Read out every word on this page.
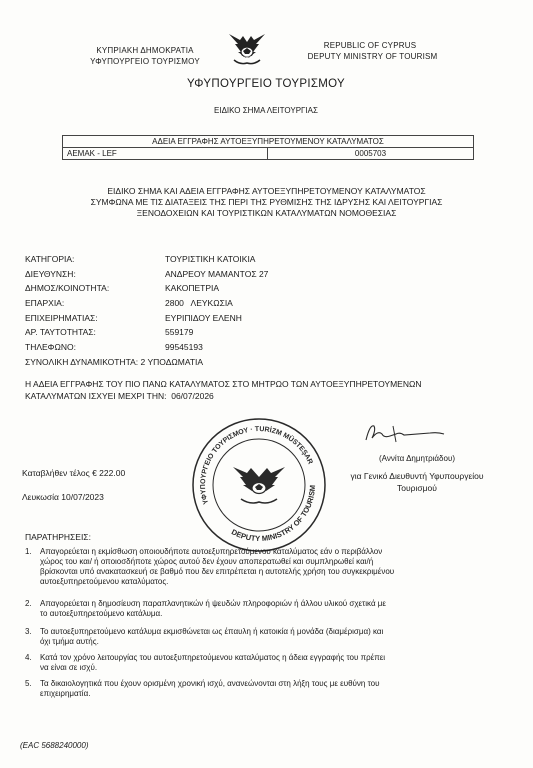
ΚΥΠΡΙΑΚΗ ΔΗΜΟΚΡΑΤΙΑ
ΥΦΥΠΟΥΡΓΕΙΟ ΤΟΥΡΙΣΜΟΥ
REPUBLIC OF CYPRUS
DEPUTY MINISTRY OF TOURISM
1960
ΥΦΥΠΟΥΡΓΕΙΟ ΤΟΥΡΙΣΜΟΥ
ΕΙΔΙΚΟ ΣΗΜΑ ΛΕΙΤΟΥΡΓΙΑΣ
ΑΔΕΙΑ ΕΓΓΡΑΦΗΣ ΑΥΤΟΕΞΥΠΗΡΕΤΟΥΜΕΝΟΥ ΚΑΤΑΛΥΜΑΤΟΣ
ΑΕΜΑΚ - LEF	0005703
ΕΙΔΙΚΟ ΣΗΜΑ ΚΑΙ ΑΔΕΙΑ ΕΓΓΡΑΦΗΣ ΑΥΤΟΕΞΥΠΗΡΕΤΟΥΜΕΝΟΥ ΚΑΤΑΛΥΜΑΤΟΣ
ΣΥΜΦΩΝΑ ΜΕ ΤΙΣ ΔΙΑΤΑΞΕΙΣ ΤΗΣ ΠΕΡΙ ΤΗΣ ΡΥΘΜΙΣΗΣ ΤΗΣ ΙΔΡΥΣΗΣ ΚΑΙ ΛΕΙΤΟΥΡΓΙΑΣ
ΞΕΝΟΔΟΧΕΙΩΝ ΚΑΙ ΤΟΥΡΙΣΤΙΚΩΝ ΚΑΤΑΛΥΜΑΤΩΝ ΝΟΜΟΘΕΣΙΑΣ
ΚΑΤΗΓΟΡΙΑ:	ΤΟΥΡΙΣΤΙΚΗ ΚΑΤΟΙΚΙΑ
ΔΙΕΥΘΥΝΣΗ:	ΑΝΔΡΕΟΥ ΜΑΜΑΝΤΟΣ 27
ΔΗΜΟΣ/ΚΟΙΝΟΤΗΤΑ:	ΚΑΚΟΠΕΤΡΙΑ
ΕΠΑΡΧΙΑ:	2800   ΛΕΥΚΩΣΙΑ
ΕΠΙΧΕΙΡΗΜΑΤΙΑΣ:	ΕΥΡΙΠΙΔΟΥ ΕΛΕΝΗ
ΑΡ. ΤΑΥΤΟΤΗΤΑΣ:	559179
ΤΗΛΕΦΩΝΟ:	99545193
ΣΥΝΟΛΙΚΗ ΔΥΝΑΜΙΚΟΤΗΤΑ: 2 ΥΠΟΔΩΜΑΤΙΑ
Η ΑΔΕΙΑ ΕΓΓΡΑΦΗΣ ΤΟΥ ΠΙΟ ΠΑΝΩ ΚΑΤΑΛΥΜΑΤΟΣ ΣΤΟ ΜΗΤΡΩΟ ΤΩΝ ΑΥΤΟΕΞΥΠΗΡΕΤΟΥΜΕΝΩΝ
ΚΑΤΑΛΥΜΑΤΩΝ ΙΣΧΥΕΙ ΜΕΧΡΙ ΤΗΝ:  06/07/2026
Καταβλήθεν τέλος € 222.00
Λευκωσία 10/07/2023	ΥΦΥΠΟΥΡΓΕΙΟ ΤΟΥΡΙΣΜΟΥ · TURİZM MÜSTEŞARLIĞI
DEPUTY MINISTRY OF TOURISM
(Αννίτα Δημητριάδου)
για Γενικό Διευθυντή Υφυπουργείου
Τουρισμού
ΠΑΡΑΤΗΡΗΣΕΙΣ:
1. Απαγορεύεται η εκμίσθωση οποιουδήποτε αυτοεξυπηρετούμενου καταλύματος εάν ο περιβάλλον
χώρος του και/ ή οποιοσδήποτε χώρος αυτού δεν έχουν αποπερατωθεί και συμπληρωθεί και/ή
βρίσκονται υπό ανακατασκευή σε βαθμό που δεν επιτρέπεται η αυτοτελής χρήση του συγκεκριμένου
αυτοεξυπηρετούμενου καταλύματος.
2. Απαγορεύεται η δημοσίευση παραπλανητικών ή ψευδών πληροφοριών ή άλλου υλικού σχετικά με
το αυτοεξυπηρετούμενο κατάλυμα.
3. Το αυτοεξυπηρετούμενο κατάλυμα εκμισθώνεται ως έπαυλη ή κατοικία ή μονάδα (διαμέρισμα) και
όχι τμήμα αυτής.
4. Κατά τον χρόνο λειτουργίας του αυτοεξυπηρετούμενου καταλύματος η άδεια εγγραφής του πρέπει
να είναι σε ισχύ.
5. Τα δικαιολογητικά που έχουν ορισμένη χρονική ισχύ, ανανεώνονται στη λήξη τους με ευθύνη του
επιχειρηματία.
(EAC 5688240000)
